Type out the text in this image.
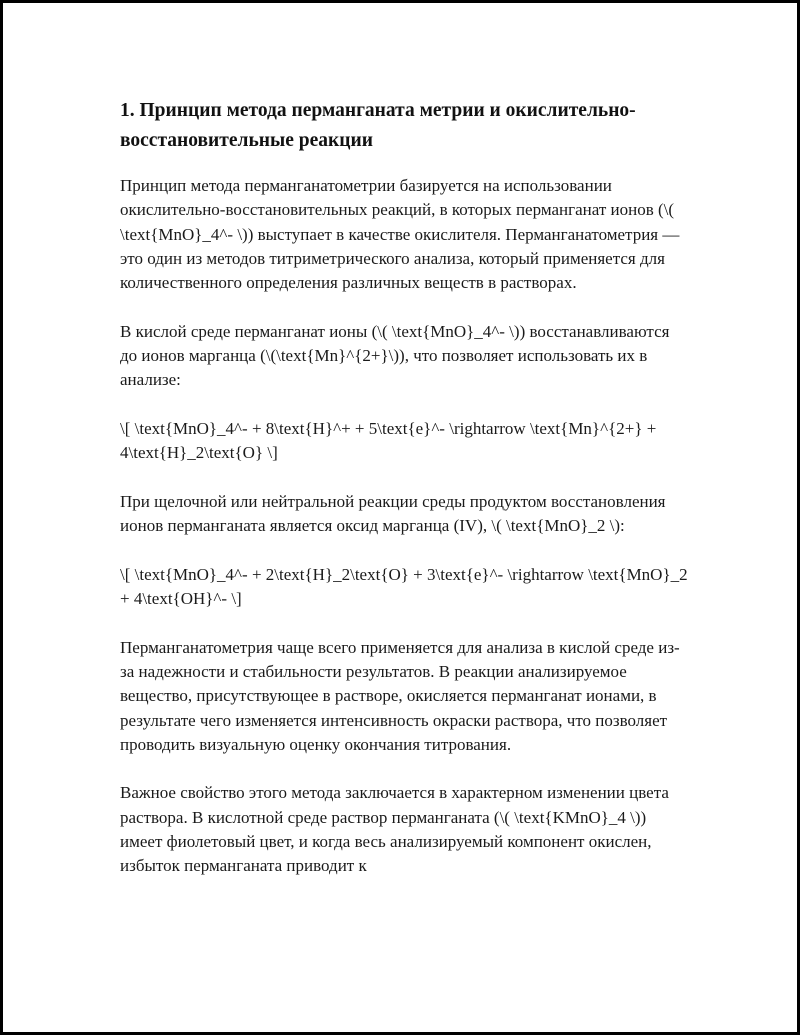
1. Принцип метода перманганата метрии и окислительно-восстановительные реакции

Принцип метода перманганатометрии базируется на использовании окислительно-восстановительных реакций, в которых перманганат ионов (\( \text{MnO}_4^- \)) выступает в качестве окислителя. Перманганатометрия — это один из методов титриметрического анализа, который применяется для количественного определения различных веществ в растворах.

В кислой среде перманганат ионы (\( \text{MnO}_4^- \)) восстанавливаются до ионов марганца (\(\text{Mn}^{2+}\)), что позволяет использовать их в анализе:

\[ \text{MnO}_4^- + 8\text{H}^+ + 5\text{e}^- \rightarrow \text{Mn}^{2+} + 4\text{H}_2\text{O} \]

При щелочной или нейтральной реакции среды продуктом восстановления ионов перманганата является оксид марганца (IV), \( \text{MnO}_2 \):

\[ \text{MnO}_4^- + 2\text{H}_2\text{O} + 3\text{e}^- \rightarrow \text{MnO}_2 + 4\text{OH}^- \]

Перманганатометрия чаще всего применяется для анализа в кислой среде из-за надежности и стабильности результатов. В реакции анализируемое вещество, присутствующее в растворе, окисляется перманганат ионами, в результате чего изменяется интенсивность окраски раствора, что позволяет проводить визуальную оценку окончания титрования.

Важное свойство этого метода заключается в характерном изменении цвета раствора. В кислотной среде раствор перманганата (\( \text{KMnO}_4 \)) имеет фиолетовый цвет, и когда весь анализируемый компонент окислен, избыток перманганата приводит к
